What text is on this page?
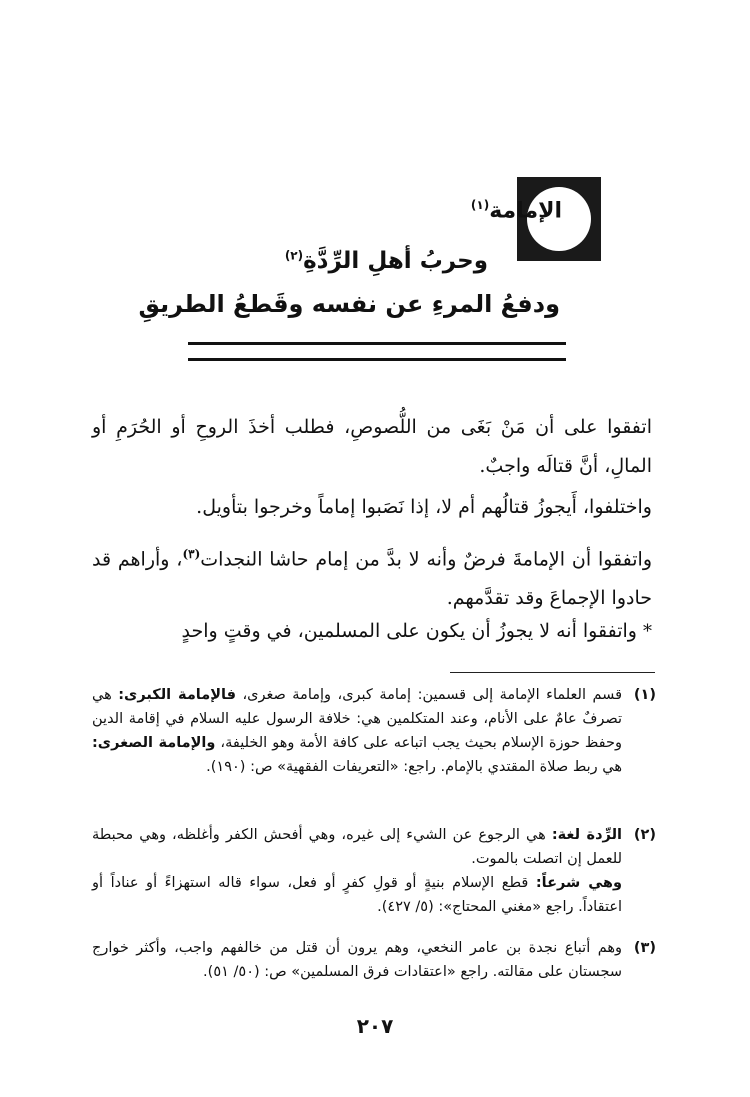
الإمامة$^{(١)}$
وحربُ أهلِ الرِّدَّةِ$^{(٢)}$
ودفعُ المرءِ عن نفسه وقَطعُ الطريقِ
اتفقوا على أن مَنْ بَغَى من اللُّصوصِ، فطلب أخذَ الروحِ أو الحُرَمِ أو المالِ، أنَّ قتالَه واجبٌ.
واختلفوا، أَيجوزُ قتالُهم أم لا، إذا نَصَبوا إماماً وخرجوا بتأويل.
واتفقوا أن الإمامةَ فرضٌ وأنه لا بدَّ من إمام حاشا النجدات$^{(٣)}$، وأراهم قد حادوا الإجماعَ وقد تقدَّمهم.
* واتفقوا أنه لا يجوزُ أن يكون على المسلمين، في وقتٍ واحدٍ
(١)
قسم العلماء الإمامة إلى قسمين: إمامة كبرى، وإمامة صغرى، فالإمامة الكبرى: هي تصرفٌ عامٌ على الأنام، وعند المتكلمين هي: خلافة الرسول عليه السلام في إقامة الدين وحفظ حوزة الإسلام بحيث يجب اتباعه على كافة الأمة وهو الخليفة، والإمامة الصغرى: هي ربط صلاة المقتدي بالإمام. راجع: «التعريفات الفقهية» ص: (١٩٠).
(٢)
الرِّدة لغة: هي الرجوع عن الشيء إلى غيره، وهي أفحش الكفر وأغلظه، وهي محبطة للعمل إن اتصلت بالموت.
وهي شرعاً: قطع الإسلام بنيةٍ أو قولِ كفرٍ أو فعل، سواء قاله استهزاءً أو عناداً أو اعتقاداً. راجع «مغني المحتاج»: (٥/ ٤٢٧).
(٣)
وهم أتباع نجدة بن عامر النخعي، وهم يرون أن قتل من خالفهم واجب، وأكثر خوارج سجستان على مقالته. راجع «اعتقادات فرق المسلمين» ص: (٥٠/ ٥١).
٢٠٧
